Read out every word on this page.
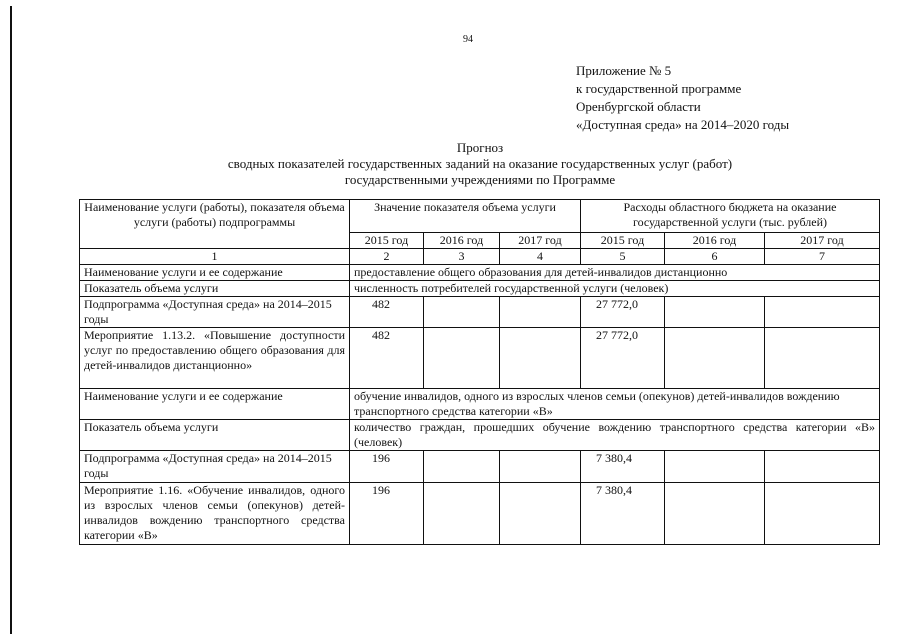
94
Приложение № 5
к государственной программе
Оренбургской области
«Доступная среда» на 2014–2020 годы
Прогноз
сводных показателей государственных заданий на оказание государственных услуг (работ)
государственными учреждениями по Программе
Наименование услуги (работы), показателя объема услуги (работы) подпрограммы	Значение показателя объема услуги			Расходы областного бюджета на оказание государственной услуги (тыс. рублей)		
	2015 год	2016 год	2017 год	2015 год	2016 год	2017 год
1	2	3	4	5	6	7
Наименование услуги и ее содержание	предоставление общего образования для детей-инвалидов дистанционно					
Показатель объема услуги	численность потребителей государственной услуги (человек)					
Подпрограмма «Доступная среда» на 2014–2015 годы	482			27 772,0		
Мероприятие 1.13.2. «Повышение доступности услуг по предоставлению общего образования для детей-инвалидов дистанционно»	482			27 772,0		
Наименование услуги и ее содержание	обучение инвалидов, одного из взрослых членов семьи (опекунов) детей-инвалидов вождению транспортного средства категории «В»					
Показатель объема услуги	количество граждан, прошедших обучение вождению транспортного средства категории «В» (человек)					
Подпрограмма «Доступная среда» на 2014–2015 годы	196			7 380,4		
Мероприятие 1.16. «Обучение инвалидов, одного из взрослых членов семьи (опекунов) детей-инвалидов вождению транспортного средства категории «В»	196			7 380,4		
